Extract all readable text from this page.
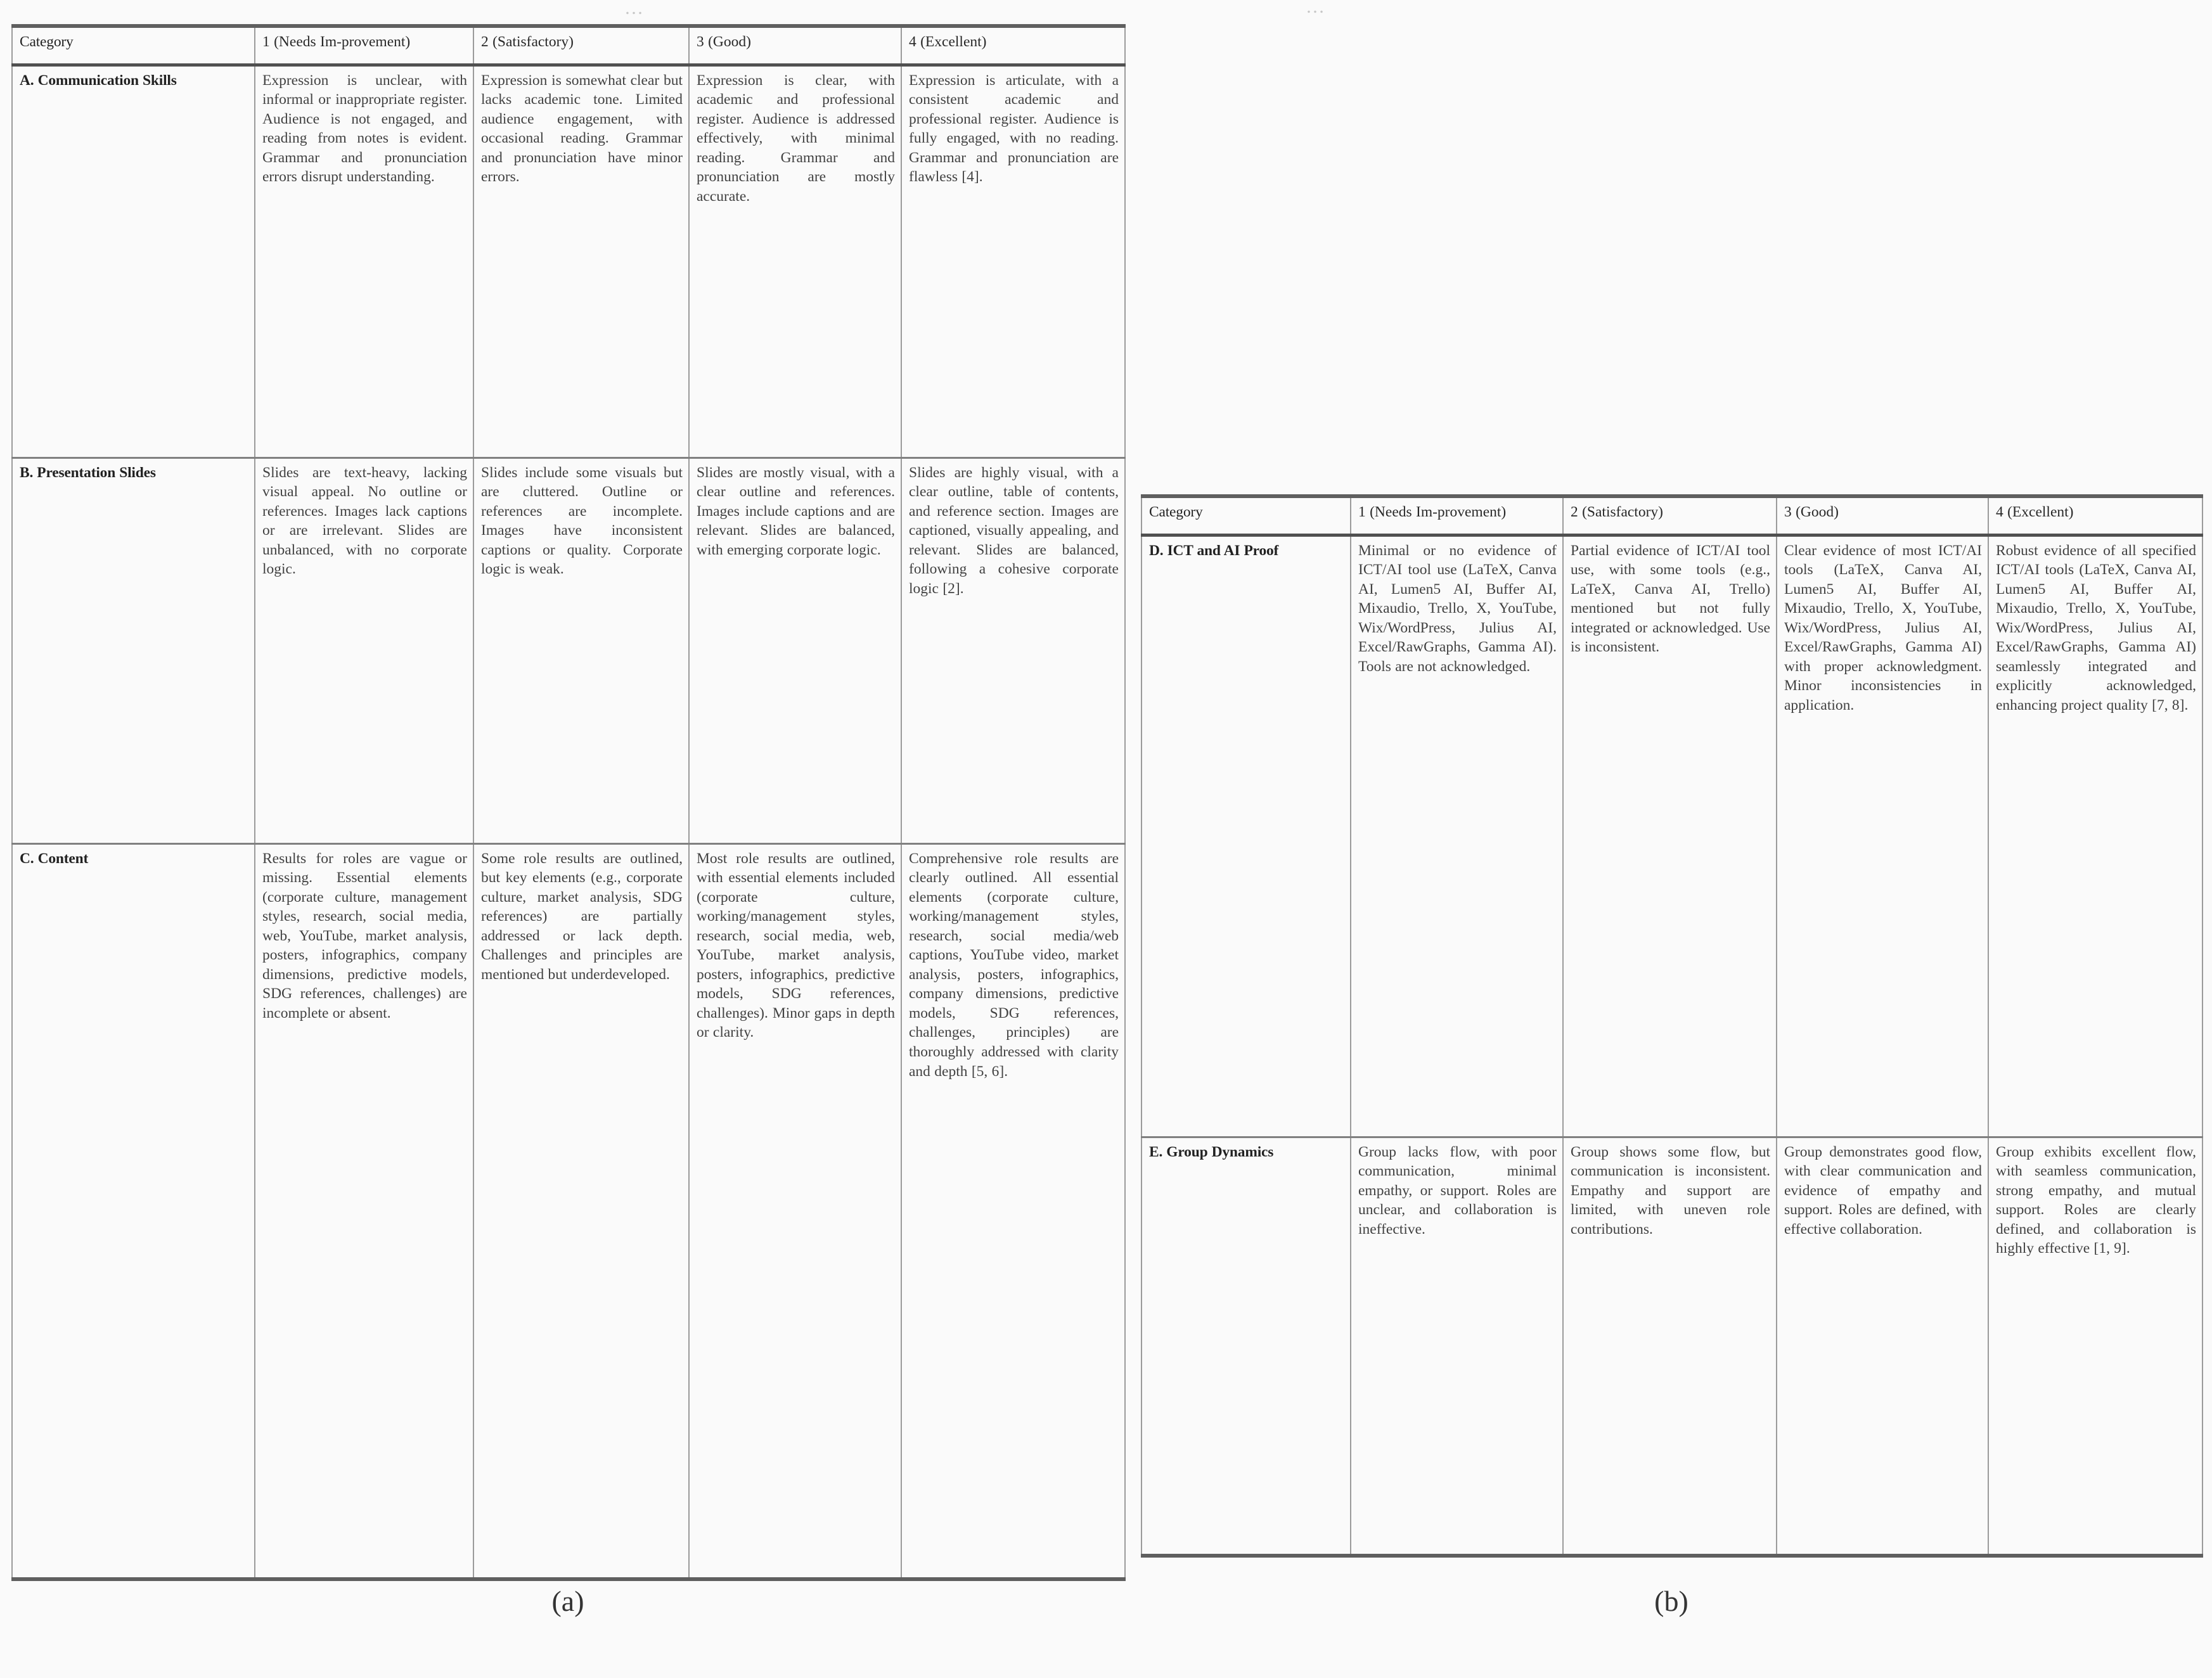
…	…
Category	1 (Needs Im-provement)	2 (Satisfactory)	3 (Good)	4 (Excellent)
A. Communication Skills	Expression is unclear, with informal or inappropriate register. Audience is not engaged, and reading from notes is evident. Grammar and pronunciation errors disrupt understanding.	Expression is somewhat clear but lacks academic tone. Limited audience engagement, with occasional reading. Grammar and pronunciation have minor errors.	Expression is clear, with academic and professional register. Audience is addressed effectively, with minimal reading. Grammar and pronunciation are mostly accurate.	Expression is articulate, with a consistent academic and professional register. Audience is fully engaged, with no reading. Grammar and pronunciation are flawless [4].
B. Presentation Slides	Slides are text-heavy, lacking visual appeal. No outline or references. Images lack captions or are irrelevant. Slides are unbalanced, with no corporate logic.	Slides include some visuals but are cluttered. Outline or references are incomplete. Images have inconsistent captions or quality. Corporate logic is weak.	Slides are mostly visual, with a clear outline and references. Images include captions and are relevant. Slides are balanced, with emerging corporate logic.	Slides are highly visual, with a clear outline, table of contents, and reference section. Images are captioned, visually appealing, and relevant. Slides are balanced, following a cohesive corporate logic [2].
C. Content	Results for roles are vague or missing. Essential elements (corporate culture, management styles, research, social media, web, YouTube, market analysis, posters, infographics, company dimensions, predictive models, SDG references, challenges) are incomplete or absent.	Some role results are outlined, but key elements (e.g., corporate culture, market analysis, SDG references) are partially addressed or lack depth. Challenges and principles are mentioned but underdeveloped.	Most role results are outlined, with essential elements included (corporate culture, working/management styles, research, social media, web, YouTube, market analysis, posters, infographics, predictive models, SDG references, challenges). Minor gaps in depth or clarity.	Comprehensive role results are clearly outlined. All essential elements (corporate culture, working/management styles, research, social media/web captions, YouTube video, market analysis, posters, infographics, company dimensions, predictive models, SDG references, challenges, principles) are thoroughly addressed with clarity and depth [5, 6].
Category	1 (Needs Im-provement)	2 (Satisfactory)	3 (Good)	4 (Excellent)
D. ICT and AI Proof	Minimal or no evidence of ICT/AI tool use (LaTeX, Canva AI, Lumen5 AI, Buffer AI, Mixaudio, Trello, X, YouTube, Wix/WordPress, Julius AI, Excel/RawGraphs, Gamma AI). Tools are not acknowledged.	Partial evidence of ICT/AI tool use, with some tools (e.g., LaTeX, Canva AI, Trello) mentioned but not fully integrated or acknowledged. Use is inconsistent.	Clear evidence of most ICT/AI tools (LaTeX, Canva AI, Lumen5 AI, Buffer AI, Mixaudio, Trello, X, YouTube, Wix/WordPress, Julius AI, Excel/RawGraphs, Gamma AI) with proper acknowledgment. Minor inconsistencies in application.	Robust evidence of all specified ICT/AI tools (LaTeX, Canva AI, Lumen5 AI, Buffer AI, Mixaudio, Trello, X, YouTube, Wix/WordPress, Julius AI, Excel/RawGraphs, Gamma AI) seamlessly integrated and explicitly acknowledged, enhancing project quality [7, 8].
E. Group Dynamics	Group lacks flow, with poor communication, minimal empathy, or support. Roles are unclear, and collaboration is ineffective.	Group shows some flow, but communication is inconsistent. Empathy and support are limited, with uneven role contributions.	Group demonstrates good flow, with clear communication and evidence of empathy and support. Roles are defined, with effective collaboration.	Group exhibits excellent flow, with seamless communication, strong empathy, and mutual support. Roles are clearly defined, and collaboration is highly effective [1, 9].
(a)	(b)
